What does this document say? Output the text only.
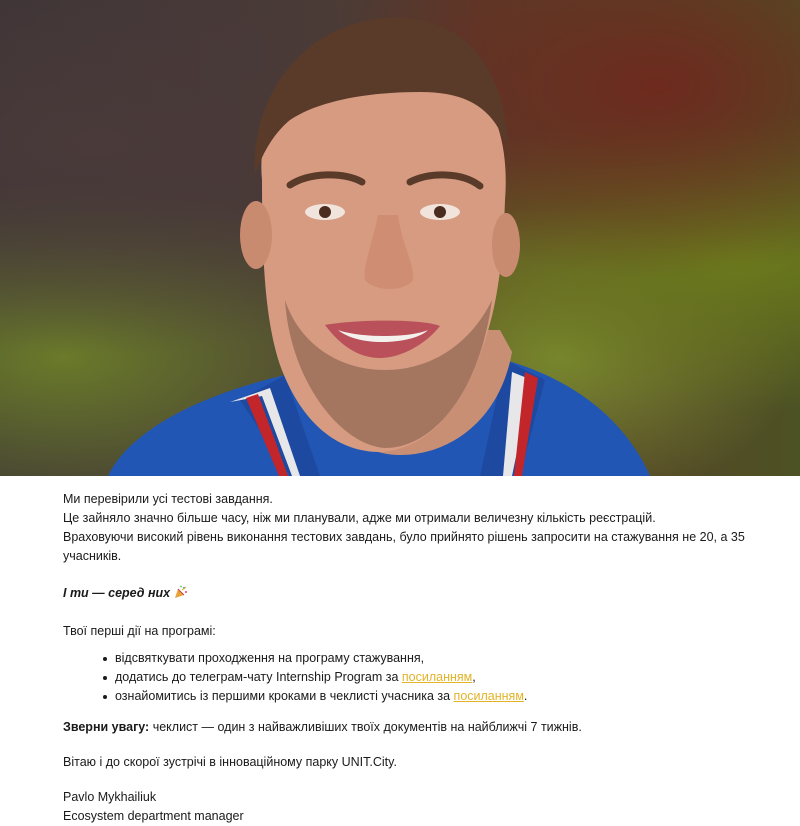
Ми перевірили усі тестові завдання.

Це зайняло значно більше часу, ніж ми планували, адже ми отримали величезну кількість реєстрацій.

Враховуючи високий рівень виконання тестових завдань, було прийнято рішень запросити на стажування не 20, а 35 учасників.

І ти — серед них

Твої перші дії на програмі:

відсвяткувати проходження на програму стажування,
додатись до телеграм-чату Internship Program за посиланням,
ознайомитись із першими кроками в чеклисті учасника за посиланням.

Зверни увагу: чеклист — один з найважливіших твоїх документів на найближчі 7 тижнів.

Вітаю і до скорої зустрічі в інноваційному парку UNIT.City.

Pavlo Mykhailiuk

Ecosystem department manager
